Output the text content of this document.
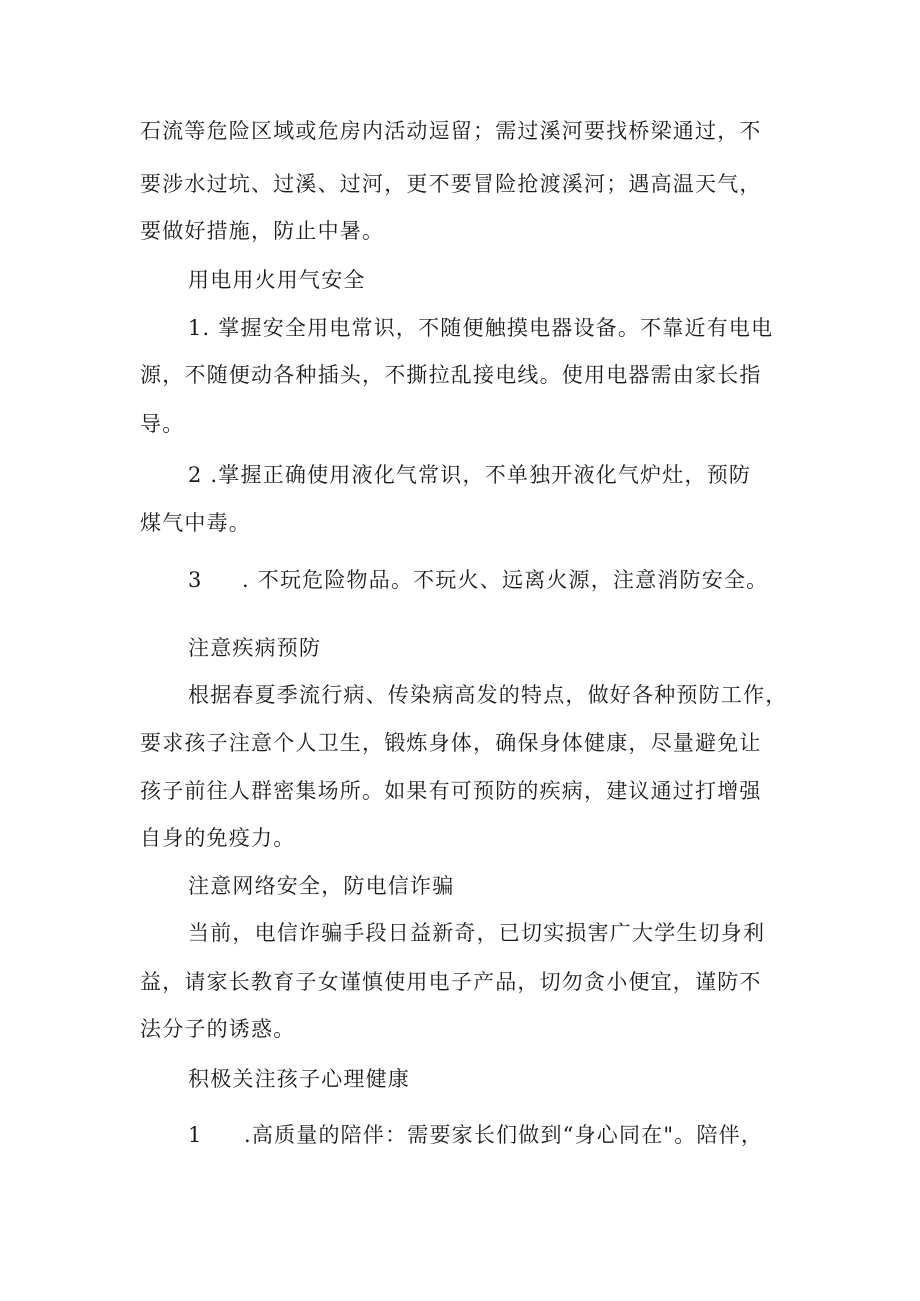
石流等危险区域或危房内活动逗留；需过溪河要找桥梁通过，不
要涉水过坑、过溪、过河，更不要冒险抢渡溪河；遇高温天气，
要做好措施，防止中暑。
用电用火用气安全
1. 掌握安全用电常识，不随便触摸电器设备。不靠近有电电
源，不随便动各种插头，不撕拉乱接电线。使用电器需由家长指
导。
2 .掌握正确使用液化气常识，不单独开液化气炉灶，预防
煤气中毒。
3 . 不玩危险物品。不玩火、远离火源，注意消防安全。
注意疾病预防
根据春夏季流行病、传染病高发的特点，做好各种预防工作，
要求孩子注意个人卫生，锻炼身体，确保身体健康，尽量避免让
孩子前往人群密集场所。如果有可预防的疾病，建议通过打增强
自身的免疫力。
注意网络安全，防电信诈骗
当前，电信诈骗手段日益新奇，已切实损害广大学生切身利
益，请家长教育子女谨慎使用电子产品，切勿贪小便宜，谨防不
法分子的诱惑。
积极关注孩子心理健康
1 .高质量的陪伴：需要家长们做到“身心同在"。陪伴，
